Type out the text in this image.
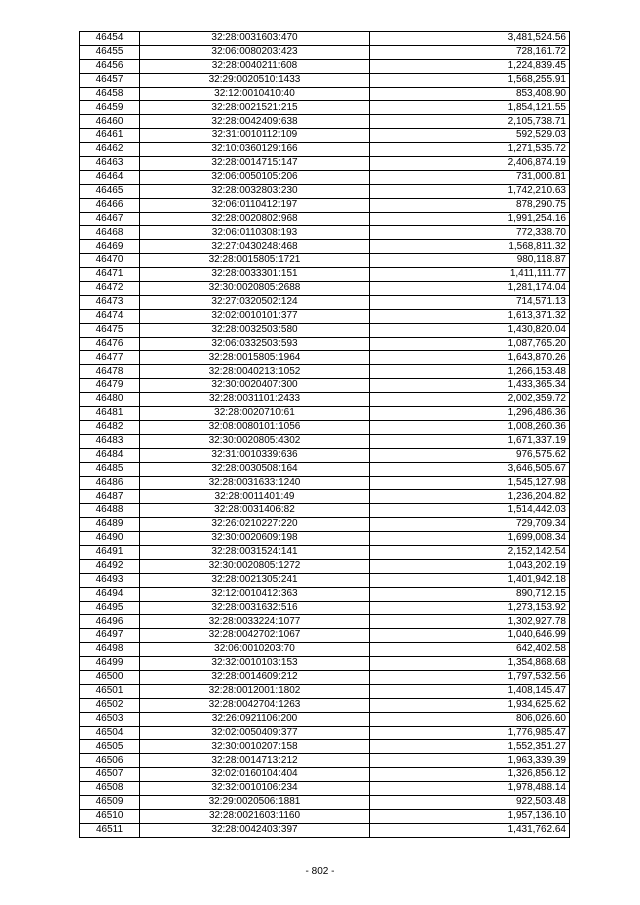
46454	32:28:0031603:470	3,481,524.56
46455	32:06:0080203:423	728,161.72
46456	32:28:0040211:608	1,224,839.45
46457	32:29:0020510:1433	1,568,255.91
46458	32:12:0010410:40	853,408.90
46459	32:28:0021521:215	1,854,121.55
46460	32:28:0042409:638	2,105,738.71
46461	32:31:0010112:109	592,529.03
46462	32:10:0360129:166	1,271,535.72
46463	32:28:0014715:147	2,406,874.19
46464	32:06:0050105:206	731,000.81
46465	32:28:0032803:230	1,742,210.63
46466	32:06:0110412:197	878,290.75
46467	32:28:0020802:968	1,991,254.16
46468	32:06:0110308:193	772,338.70
46469	32:27:0430248:468	1,568,811.32
46470	32:28:0015805:1721	980,118.87
46471	32:28:0033301:151	1,411,111.77
46472	32:30:0020805:2688	1,281,174.04
46473	32:27:0320502:124	714,571.13
46474	32:02:0010101:377	1,613,371.32
46475	32:28:0032503:580	1,430,820.04
46476	32:06:0332503:593	1,087,765.20
46477	32:28:0015805:1964	1,643,870.26
46478	32:28:0040213:1052	1,266,153.48
46479	32:30:0020407:300	1,433,365.34
46480	32:28:0031101:2433	2,002,359.72
46481	32:28:0020710:61	1,296,486.36
46482	32:08:0080101:1056	1,008,260.36
46483	32:30:0020805:4302	1,671,337.19
46484	32:31:0010339:636	976,575.62
46485	32:28:0030508:164	3,646,505.67
46486	32:28:0031633:1240	1,545,127.98
46487	32:28:0011401:49	1,236,204.82
46488	32:28:0031406:82	1,514,442.03
46489	32:26:0210227:220	729,709.34
46490	32:30:0020609:198	1,699,008.34
46491	32:28:0031524:141	2,152,142.54
46492	32:30:0020805:1272	1,043,202.19
46493	32:28:0021305:241	1,401,942.18
46494	32:12:0010412:363	890,712.15
46495	32:28:0031632:516	1,273,153.92
46496	32:28:0033224:1077	1,302,927.78
46497	32:28:0042702:1067	1,040,646.99
46498	32:06:0010203:70	642,402.58
46499	32:32:0010103:153	1,354,868.68
46500	32:28:0014609:212	1,797,532.56
46501	32:28:0012001:1802	1,408,145.47
46502	32:28:0042704:1263	1,934,625.62
46503	32:26:0921106:200	806,026.60
46504	32:02:0050409:377	1,776,985.47
46505	32:30:0010207:158	1,552,351.27
46506	32:28:0014713:212	1,963,339.39
46507	32:02:0160104:404	1,326,856.12
46508	32:32:0010106:234	1,978,488.14
46509	32:29:0020506:1881	922,503.48
46510	32:28:0021603:1160	1,957,136.10
46511	32:28:0042403:397	1,431,762.64
- 802 -
